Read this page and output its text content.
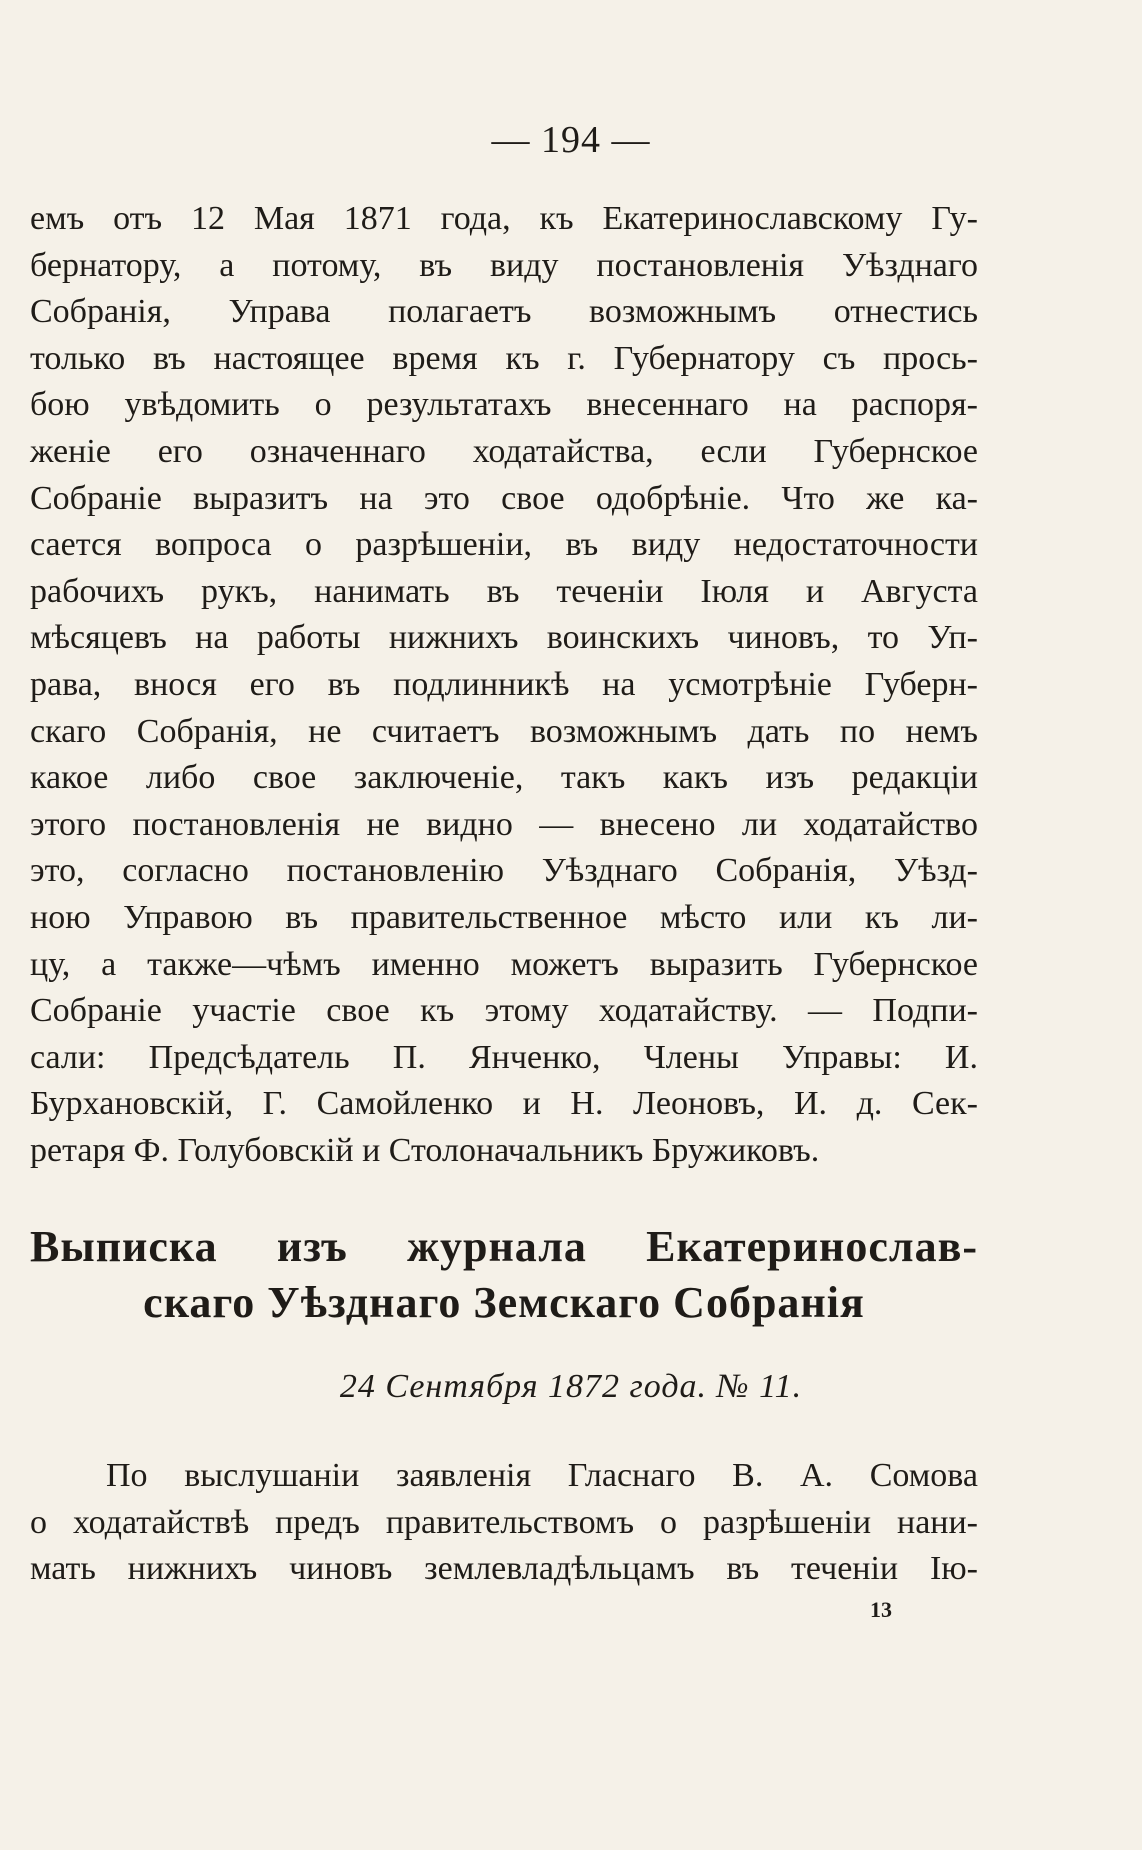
— 194 —
емъ отъ 12 Мая 1871 года, къ Екатеринославскому Гу-
бернатору, а потому, въ виду постановленія Уѣзднаго
Собранія, Управа полагаетъ возможнымъ отнестись
только въ настоящее время къ г. Губернатору съ прось-
бою увѣдомить о результатахъ внесеннаго на распоря-
женіе его означеннаго ходатайства, если Губернское
Собраніе выразитъ на это свое одобрѣніе. Что же ка-
сается вопроса о разрѣшеніи, въ виду недостаточности
рабочихъ рукъ, нанимать въ теченіи Іюля и Августа
мѣсяцевъ на работы нижнихъ воинскихъ чиновъ, то Уп-
рава, внося его въ подлинникѣ на усмотрѣніе Губерн-
скаго Собранія, не считаетъ возможнымъ дать по немъ
какое либо свое заключеніе, такъ какъ изъ редакціи
этого постановленія не видно — внесено ли ходатайство
это, согласно постановленію Уѣзднаго Собранія, Уѣзд-
ною Управою въ правительственное мѣсто или къ ли-
цу, а также—чѣмъ именно можетъ выразить Губернское
Собраніе участіе свое къ этому ходатайству. — Подпи-
сали: Предсѣдатель П. Янченко, Члены Управы: И.
Бурхановскій, Г. Самойленко и Н. Леоновъ, И. д. Сек-
ретаря Ф. Голубовскій и Столоначальникъ Бружиковъ.
Выписка изъ журнала Екатеринослав-
скаго Уѣзднаго Земскаго Собранія
24 Сентября 1872 года. № 11.
По выслушаніи заявленія Гласнаго В. А. Сомова
о ходатайствѣ предъ правительствомъ о разрѣшеніи нани-
мать нижнихъ чиновъ землевладѣльцамъ въ теченіи Ію-
13
